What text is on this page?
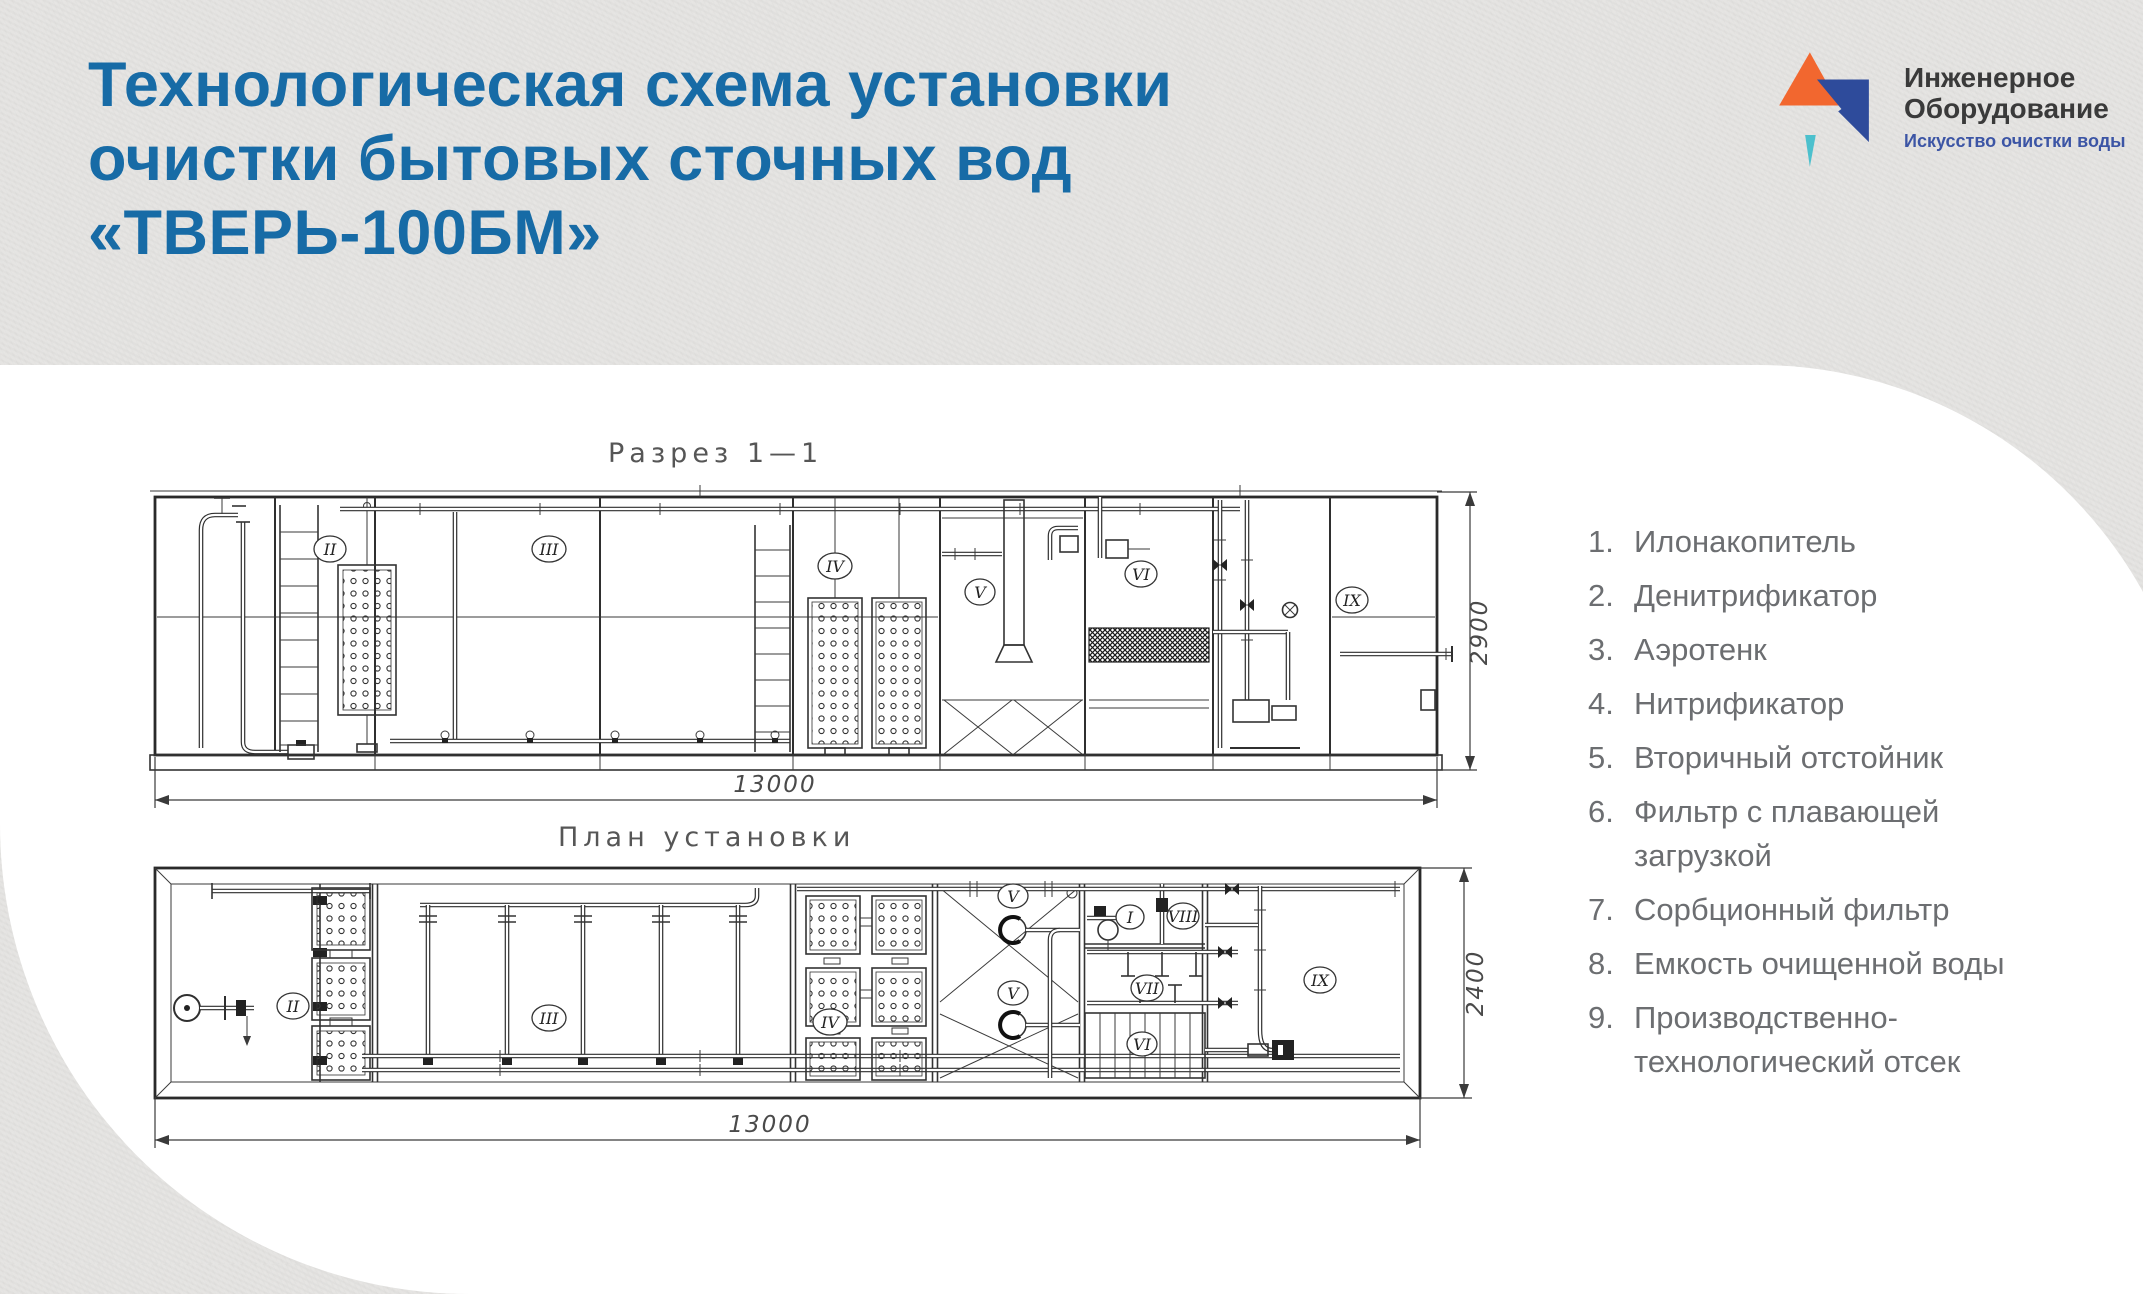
Технологическая схема установки
очистки бытовых сточных вод
«ТВЕРЬ-100БМ»
Инженерное
Оборудование
Искусство очистки воды
1. Илонакопитель
2. Денитрификатор
3. Аэротенк
4. Нитрификатор
5. Вторичный отстойник
6. Фильтр с плавающей загрузкой
7. Сорбционный фильтр
8. Емкость очищенной воды
9. Производственно-технологический отсек
Разрез 1—1
II	III
IV
V
VI
IX	2900
13000
План установки
II
III	IV
V
V
I VIII
VII
VI
IX	2400
13000
